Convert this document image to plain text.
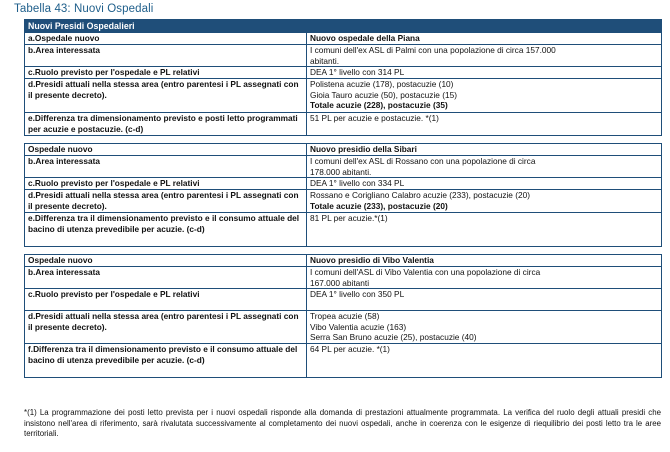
Tabella 43: Nuovi Ospedali
Nuovi Presidi Ospedalieri	
a.Ospedale nuovo	Nuovo ospedale della Piana

b.Area interessata	I comuni dell'ex ASL di Palmi con una popolazione di circa 157.000
abitanti.

c.Ruolo previsto per l'ospedale e PL relativi	DEA 1° livello con 314 PL

d.Presidi attuali nella stessa area (entro parentesi i PL assegnati con il presente decreto).	Polistena acuzie (178), postacuzie (10)
Gioia Tauro acuzie (50), postacuzie (15)
Totale acuzie (228), postacuzie (35)

e.Differenza tra dimensionamento previsto e posti letto programmati per acuzie e postacuzie. (c-d)	51 PL per acuzie e postacuzie. *(1)

Ospedale nuovo	Nuovo presidio della Sibari

b.Area interessata	I comuni dell'ex ASL di Rossano con una popolazione di circa
178.000 abitanti.

c.Ruolo previsto per l'ospedale e PL relativi	DEA 1° livello con 334 PL

d.Presidi attuali nella stessa area (entro parentesi i PL assegnati con il presente decreto).	Rossano e Corigliano Calabro acuzie (233), postacuzie (20)
Totale acuzie (233), postacuzie (20)

e.Differenza tra il dimensionamento previsto e il consumo attuale del bacino di utenza prevedibile per acuzie. (c-d)	81 PL per acuzie.*(1)

Ospedale nuovo	Nuovo presidio di Vibo Valentia

b.Area interessata	I comuni dell'ASL di Vibo Valentia con una popolazione di circa
167.000 abitanti

c.Ruolo previsto per l'ospedale e PL relativi	DEA 1° livello con 350 PL

d.Presidi attuali nella stessa area (entro parentesi i PL assegnati con il presente decreto).	Tropea acuzie (58)
Vibo Valentia acuzie (163)
Serra San Bruno acuzie (25), postacuzie (40)

f.Differenza tra il dimensionamento previsto e il consumo attuale del bacino di utenza prevedibile per acuzie. (c-d)	64 PL per acuzie. *(1)
*(1) La programmazione dei posti letto prevista per i nuovi ospedali risponde alla domanda di prestazioni attualmente programmata. La verifica del ruolo degli attuali presidi che insistono nell'area di riferimento, sarà rivalutata successivamente al completamento dei nuovi ospedali, anche in coerenza con le esigenze di riequilibrio dei posti letto tra le aree territoriali.
